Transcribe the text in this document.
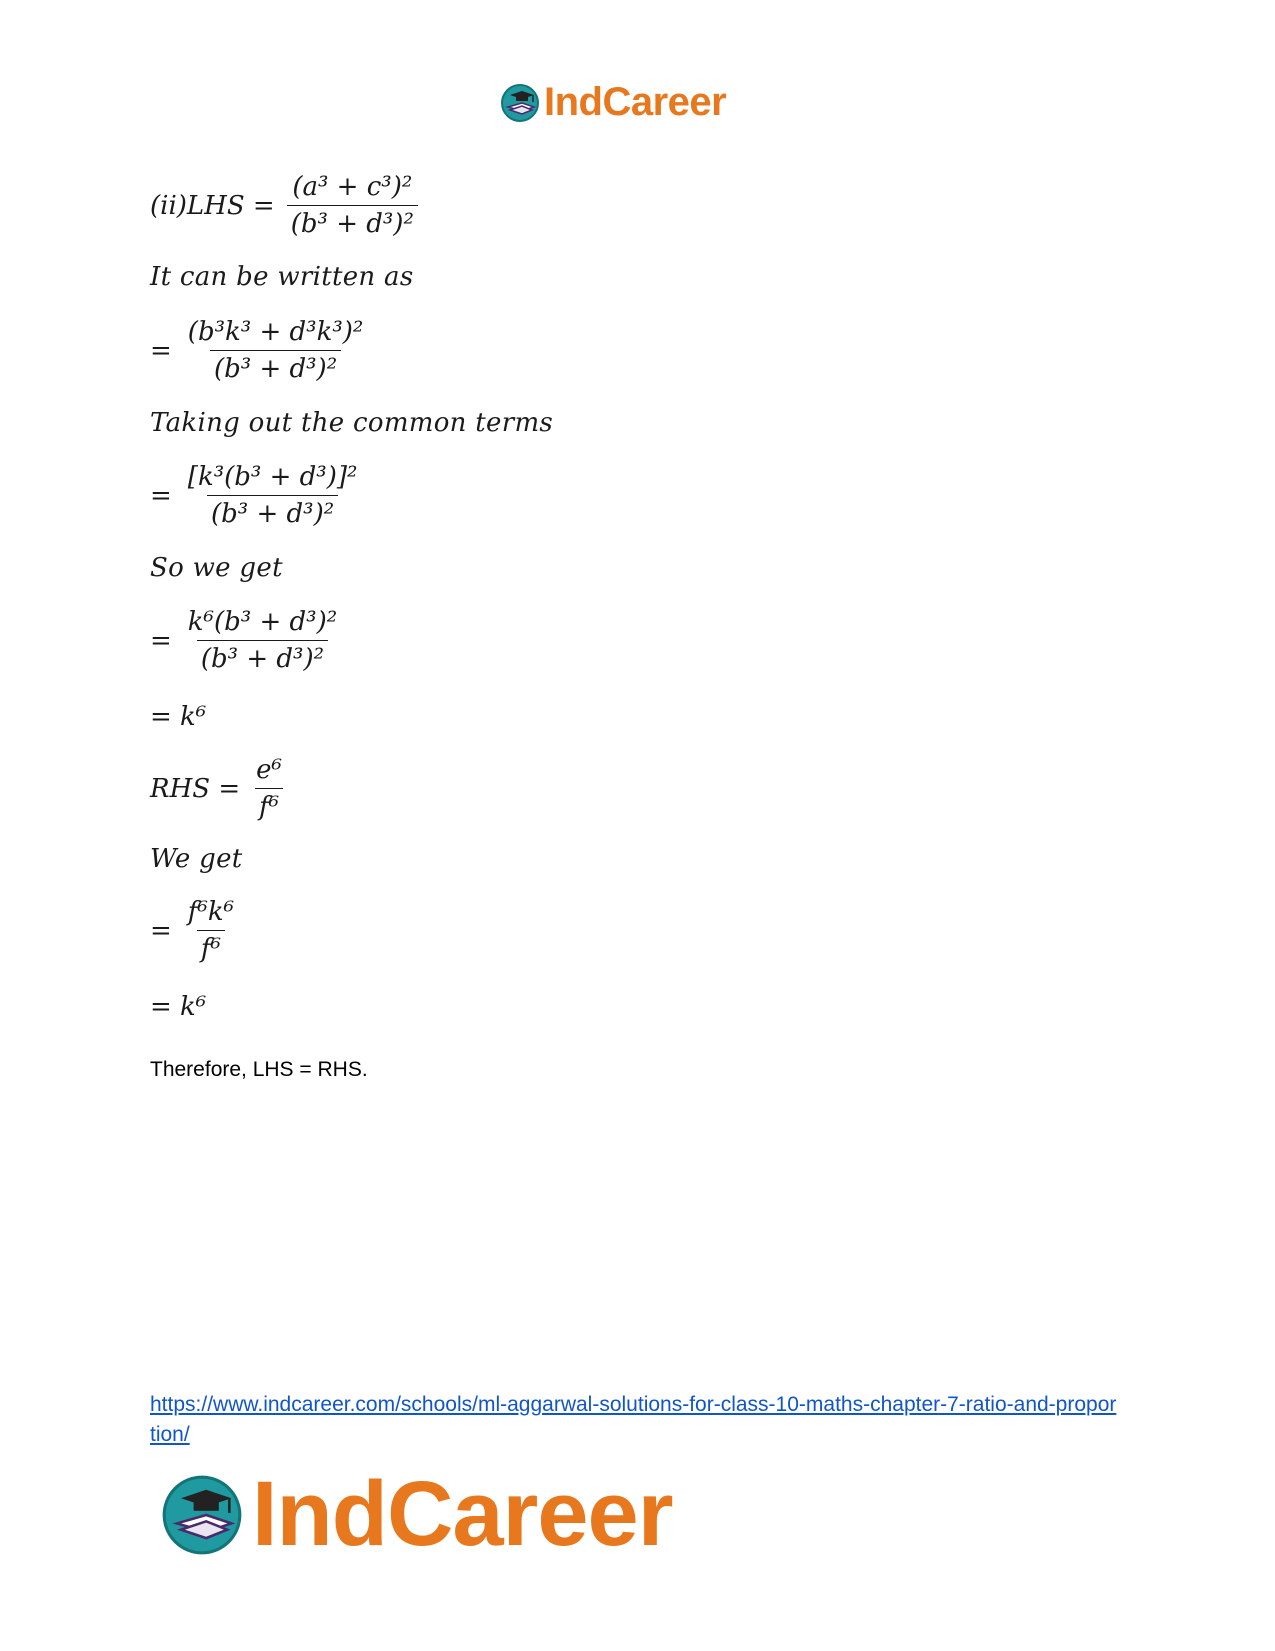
IndCareer
$(ii)LHS = \frac{\text{(a³ + c³)²}}{\text{(b³ + d³)²}}$
It can be written as
= $\frac{\text{(b³k³ + d³k³)²}}{\text{(b³ + d³)²}}$
Taking out the common terms
= $\frac{\text{[k³(b³ + d³)]²}}{\text{(b³ + d³)²}}$
So we get
= $\frac{\text{k⁶(b³ + d³)²}}{\text{(b³ + d³)²}}$
= k⁶
RHS = $\frac{\text{e⁶}}{\text{f⁶}}$
We get
= $\frac{\text{f⁶k⁶}}{\text{f⁶}}$
= k⁶
Therefore, LHS = RHS.
https://www.indcareer.com/schools/ml-aggarwal-solutions-for-class-10-maths-chapter-7-ratio-and-proportion/
IndCareer
